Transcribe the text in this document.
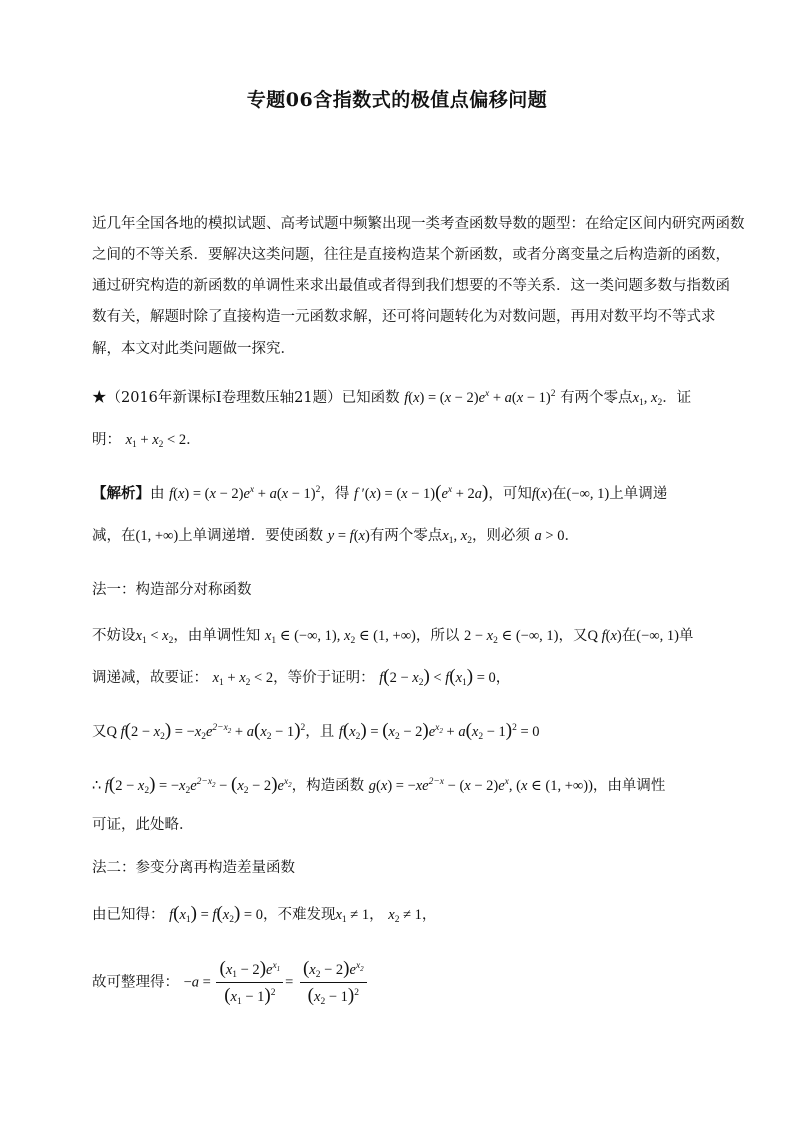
专题06含指数式的极值点偏移问题
近几年全国各地的模拟试题、高考试题中频繁出现一类考查函数导数的题型：在给定区间内研究两函数
之间的不等关系．要解决这类问题，往往是直接构造某个新函数，或者分离变量之后构造新的函数，
通过研究构造的新函数的单调性来求出最值或者得到我们想要的不等关系．这一类问题多数与指数函
数有关，解题时除了直接构造一元函数求解，还可将问题转化为对数问题，再用对数平均不等式求
解，本文对此类问题做一探究．
★（2016年新课标I卷理数压轴21题）已知函数 $f(x) = (x - 2)e^x + a(x - 1)^2$ 有两个零点$x_1$, $x_2$．证
明： $x_1 + x_2 < 2$．
【解析】由 $f(x) = (x - 2)e^x + a(x - 1)^2$，得 f $'(x) = (x - 1)(e^x + 2a)$，可知f(x)在(−∞, 1)上单调递
减，在(1, +∞)上单调递增．要使函数 y = f(x)有两个零点$x_1$, $x_2$，则必须 a > 0．
法一：构造部分对称函数
不妨设$x_1 < x_2$，由单调性知 $x_1$ ∈ (−∞, 1), $x_2$ ∈ (1, +∞)，所以 $2 - x_2$ ∈ (−∞, 1)，又Q f(x)在(−∞, 1)单
调递减，故要证： $x_1 + x_2 < 2$，等价于证明： $f(2 - x_2) < f(x_1) = 0$，
又Q $f(2 - x_2) = -x_2e^{2-x_2} + a(x_2 - 1)^2$，且 $f(x_2) = (x_2 - 2)e^{x_2} + a(x_2 - 1)^2 = 0$
∴ $f(2 - x_2) = -x_2e^{2-x_2} - (x_2 - 2)e^{x_2}$，构造函数 $g(x) = -xe^{2-x} - (x - 2)e^x$, (x ∈ (1, +∞))，由单调性
可证，此处略．
法二：参变分离再构造差量函数
由已知得： $f(x_1) = f(x_2) = 0$，不难发现$x_1 \ne 1$， $x_2 \ne 1$，
故可整理得： $-a = \frac{(x_1 - 2)e^{x_1}}{(x_1 - 1)^2} = \frac{(x_2 - 2)e^{x_2}}{(x_2 - 1)^2}$
